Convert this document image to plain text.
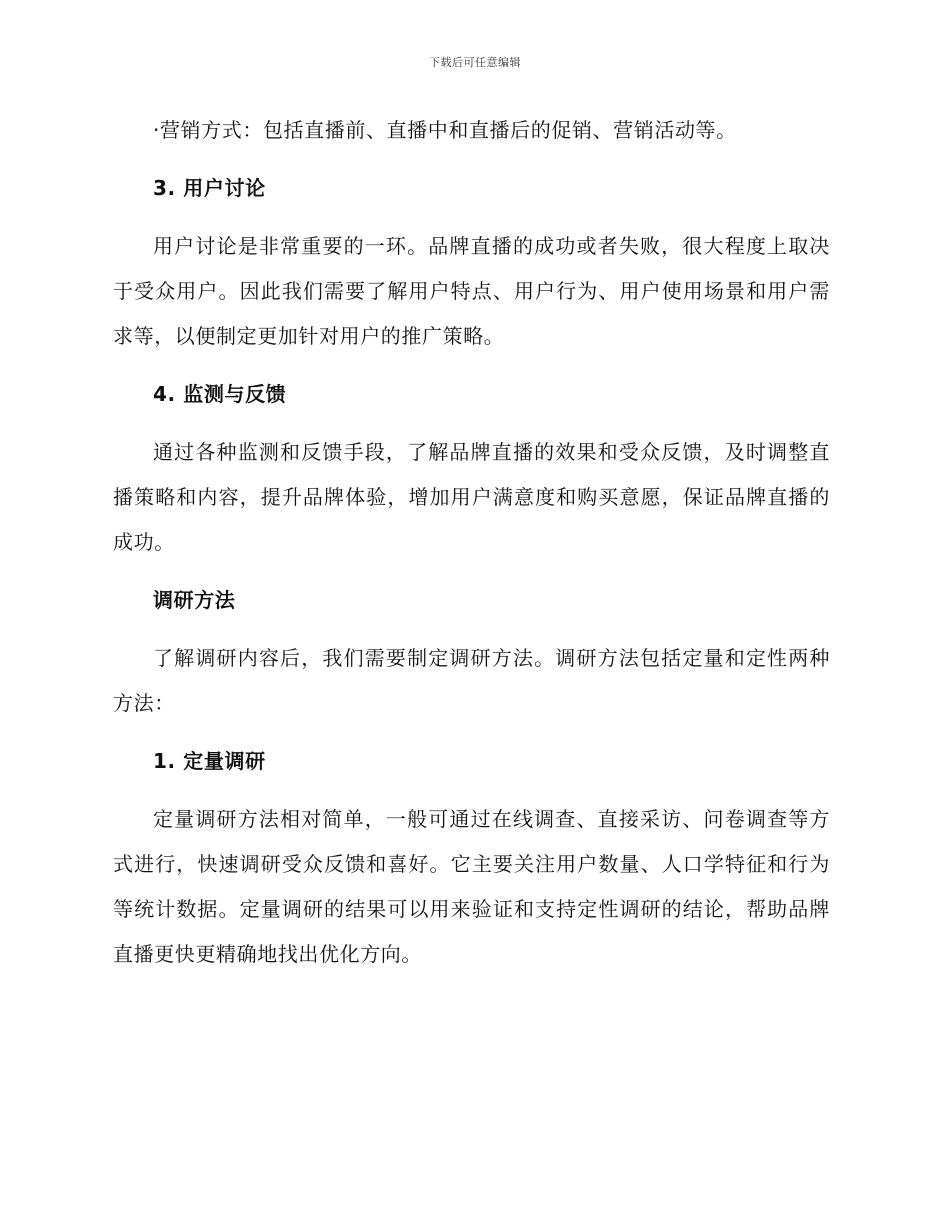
下载后可任意编辑

·营销方式：包括直播前、直播中和直播后的促销、营销活动等。

3. 用户讨论

用户讨论是非常重要的一环。品牌直播的成功或者失败，很大程度上取决于受众用户。因此我们需要了解用户特点、用户行为、用户使用场景和用户需求等，以便制定更加针对用户的推广策略。

4. 监测与反馈

通过各种监测和反馈手段，了解品牌直播的效果和受众反馈，及时调整直播策略和内容，提升品牌体验，增加用户满意度和购买意愿，保证品牌直播的成功。

调研方法

了解调研内容后，我们需要制定调研方法。调研方法包括定量和定性两种方法：

1. 定量调研

定量调研方法相对简单，一般可通过在线调查、直接采访、问卷调查等方式进行，快速调研受众反馈和喜好。它主要关注用户数量、人口学特征和行为等统计数据。定量调研的结果可以用来验证和支持定性调研的结论，帮助品牌直播更快更精确地找出优化方向。
